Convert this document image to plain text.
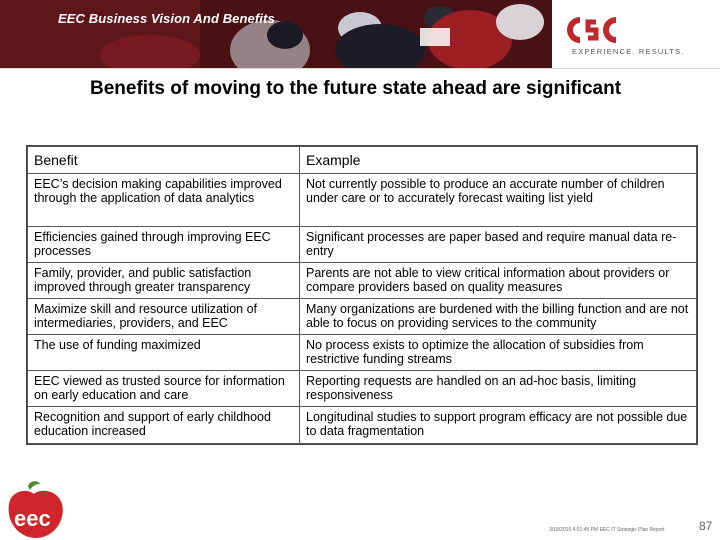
EEC Business Vision And Benefits
EXPERIENCE. RESULTS.
Benefits of moving to the future state ahead are significant
Benefit	Example
EEC’s decision making capabilities improved through the application of data analytics	Not currently possible to produce an accurate number of children under care or to accurately forecast waiting list yield
Efficiencies gained through improving EEC processes	Significant processes are paper based and require manual data re-entry
Family, provider, and public satisfaction improved through greater transparency	Parents are not able to view critical information about providers or compare providers based on quality measures
Maximize skill and resource utilization of intermediaries, providers, and EEC	Many organizations are burdened with the billing function and are not able to focus on providing services to the community
The use of funding maximized	No process exists to optimize the allocation of subsidies from restrictive funding streams
EEC viewed as trusted source for information on early education and care	Reporting requests are handled on an ad-hoc basis, limiting responsiveness
Recognition and support of early childhood education increased	Longitudinal studies to support program efficacy are not possible due to data fragmentation
eec	3/18/2010 4:01:45 PM EEC IT Strategic Plan Report	87
